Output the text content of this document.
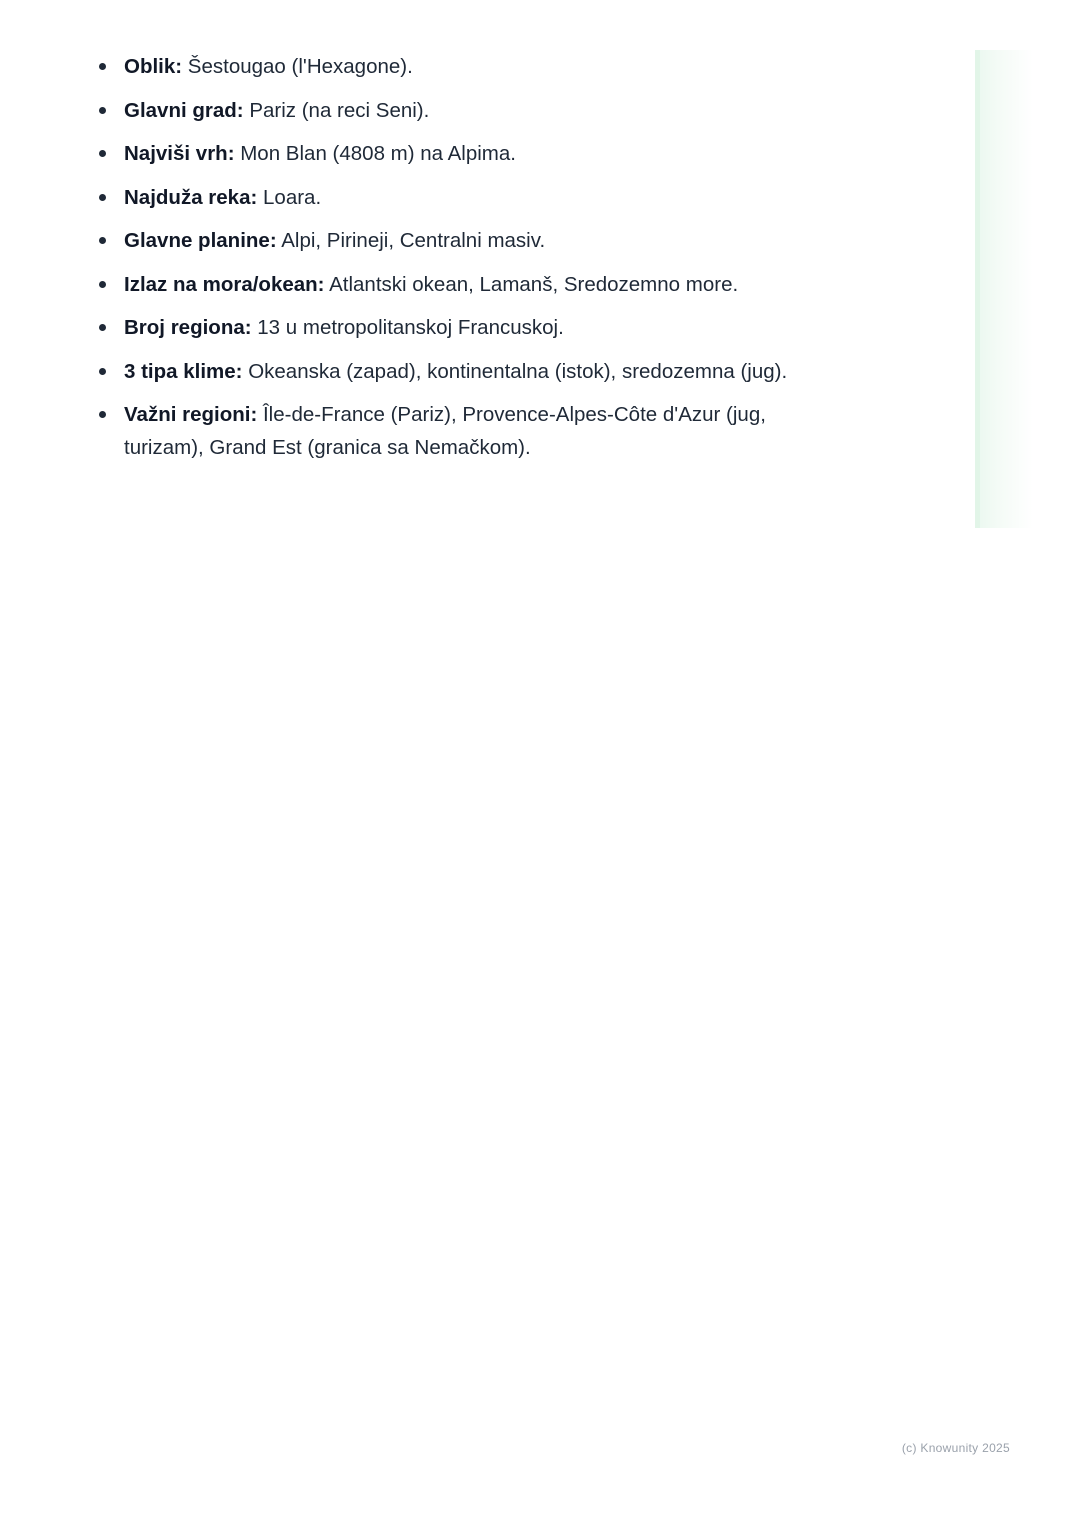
Oblik: Šestougao (l'Hexagone).
Glavni grad: Pariz (na reci Seni).
Najviši vrh: Mon Blan (4808 m) na Alpima.
Najduža reka: Loara.
Glavne planine: Alpi, Pirineji, Centralni masiv.
Izlaz na mora/okean: Atlantski okean, Lamanš, Sredozemno more.
Broj regiona: 13 u metropolitanskoj Francuskoj.
3 tipa klime: Okeanska (zapad), kontinentalna (istok), sredozemna (jug).
Važni regioni: Île-de-France (Pariz), Provence-Alpes-Côte d'Azur (jug, turizam), Grand Est (granica sa Nemačkom).
(c) Knowunity 2025
